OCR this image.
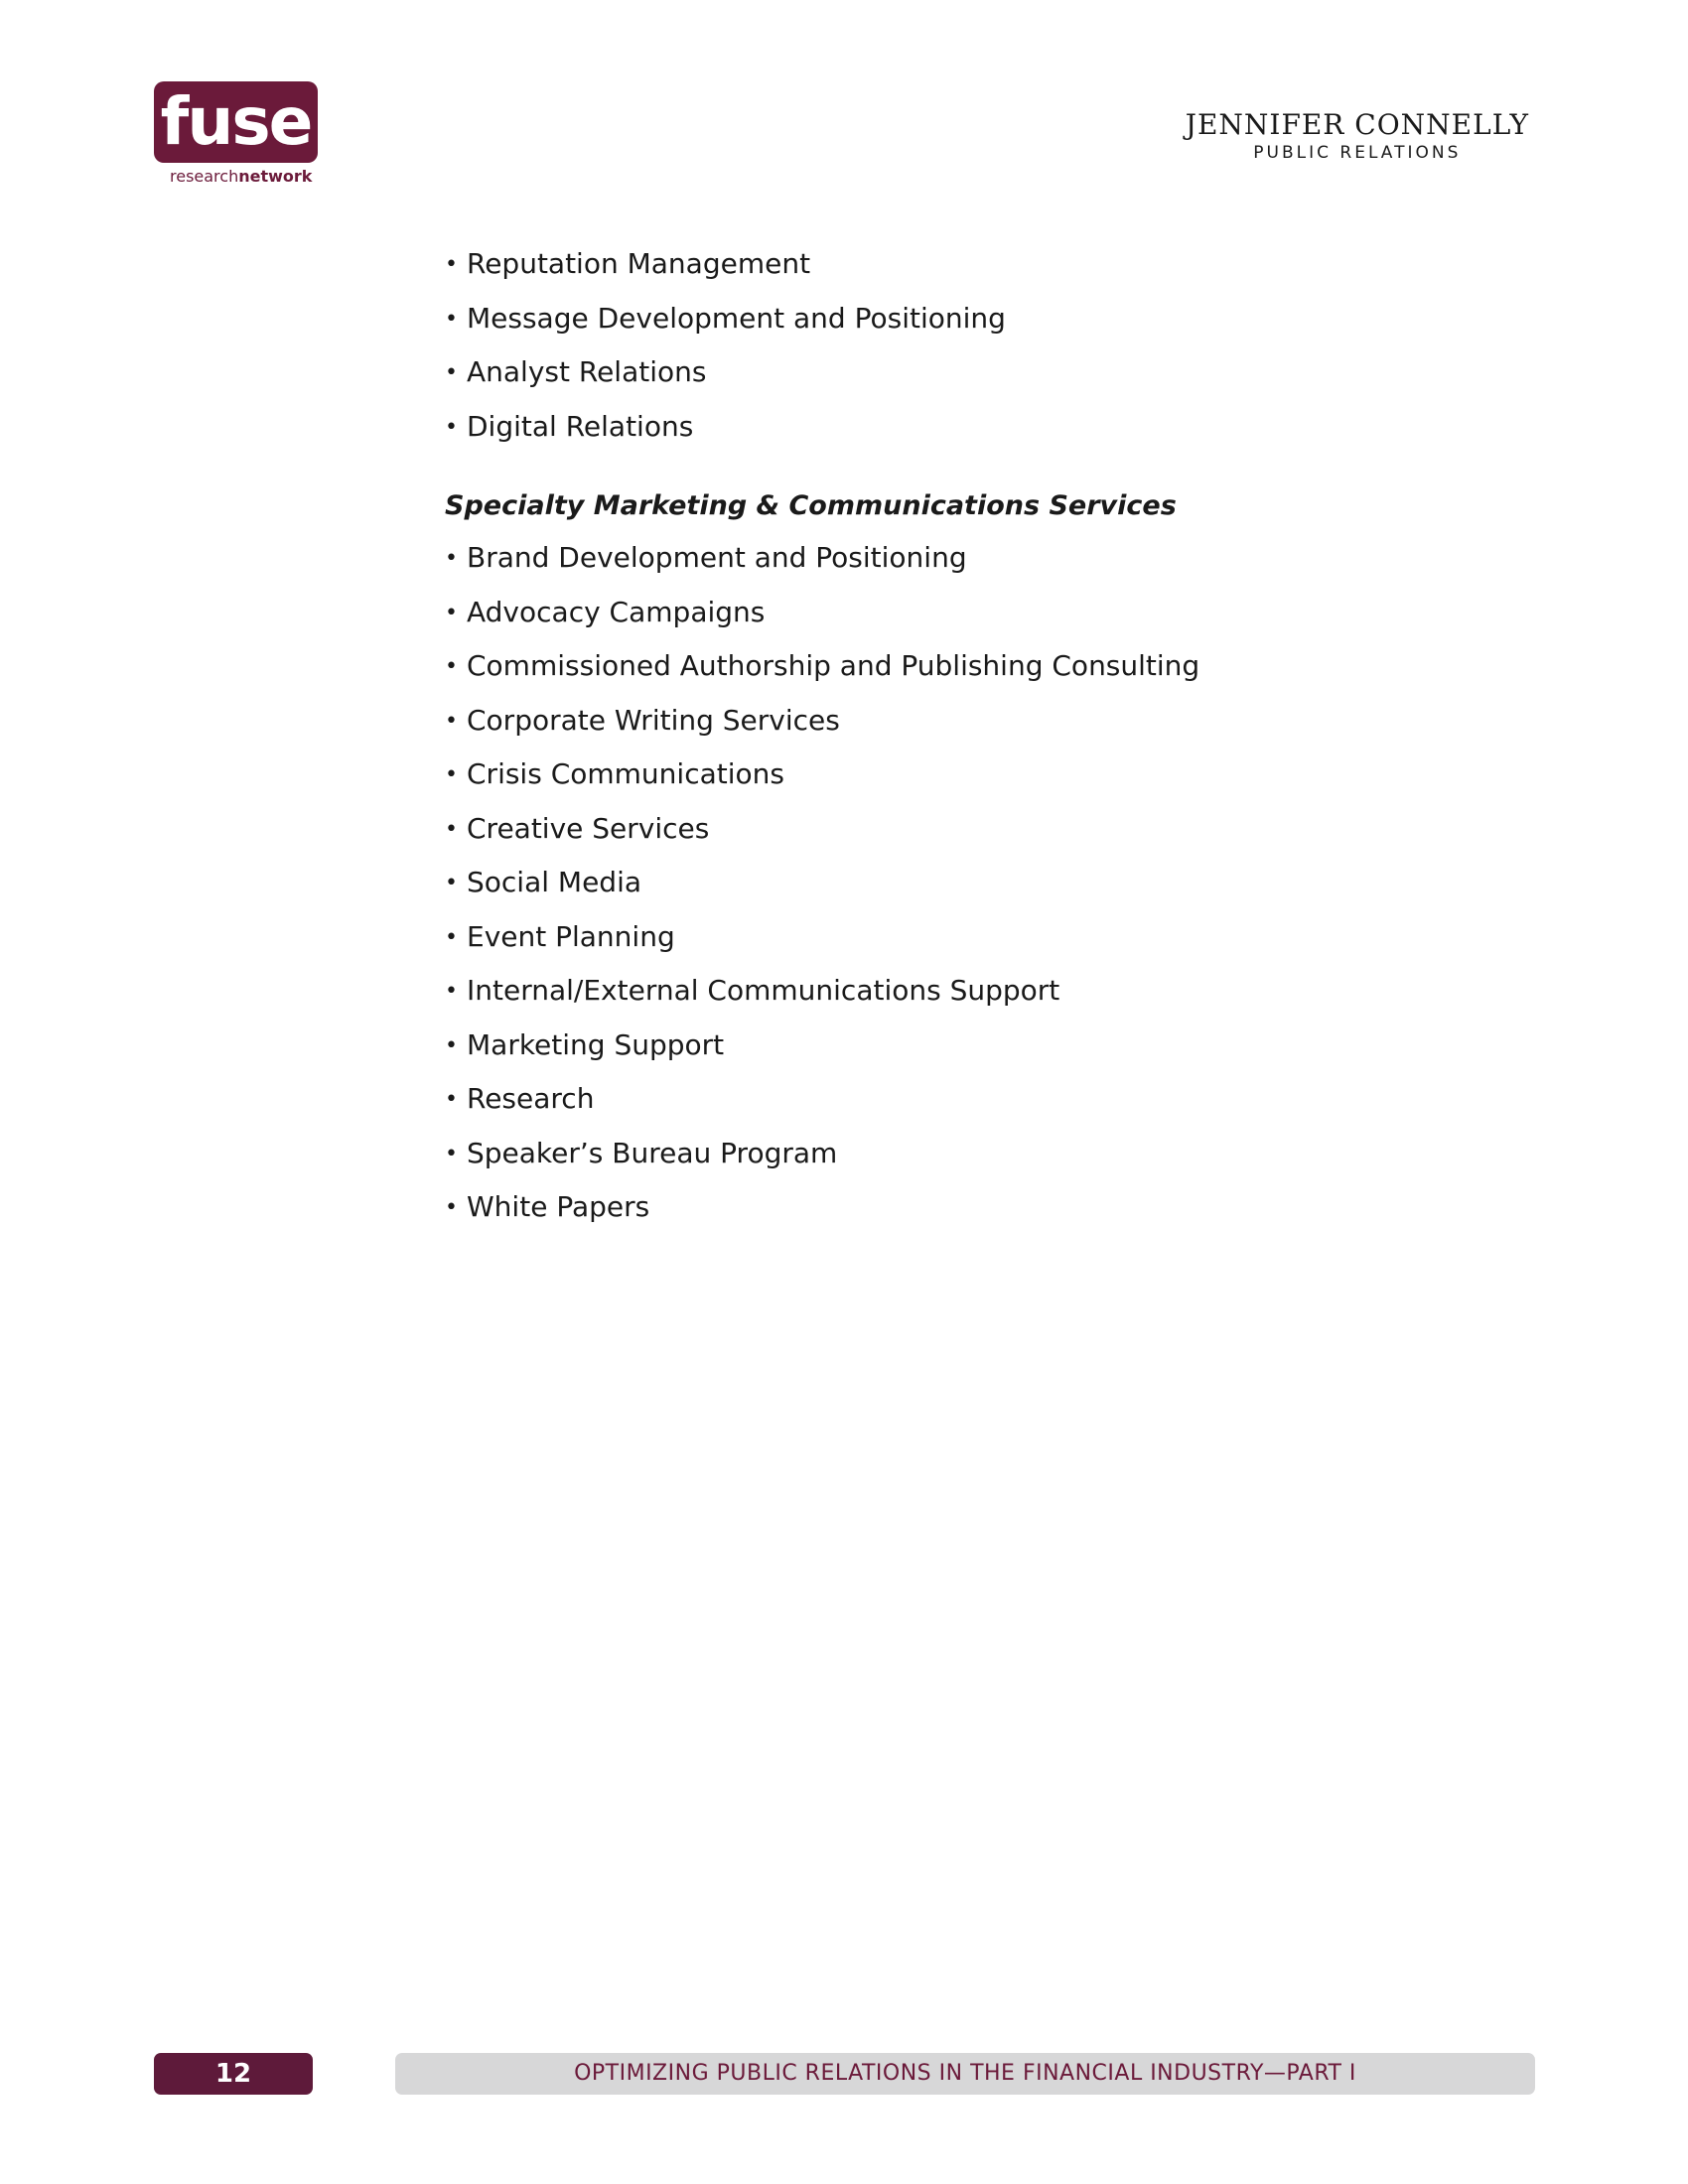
fuse
researchnetwork
JENNIFER CONNELLY
PUBLIC RELATIONS
• Reputation Management
• Message Development and Positioning
• Analyst Relations
• Digital Relations
Specialty Marketing & Communications Services
• Brand Development and Positioning
• Advocacy Campaigns
• Commissioned Authorship and Publishing Consulting
• Corporate Writing Services
• Crisis Communications
• Creative Services
• Social Media
• Event Planning
• Internal/External Communications Support
• Marketing Support
• Research
• Speaker’s Bureau Program
• White Papers
12	OPTIMIZING PUBLIC RELATIONS IN THE FINANCIAL INDUSTRY—PART I
